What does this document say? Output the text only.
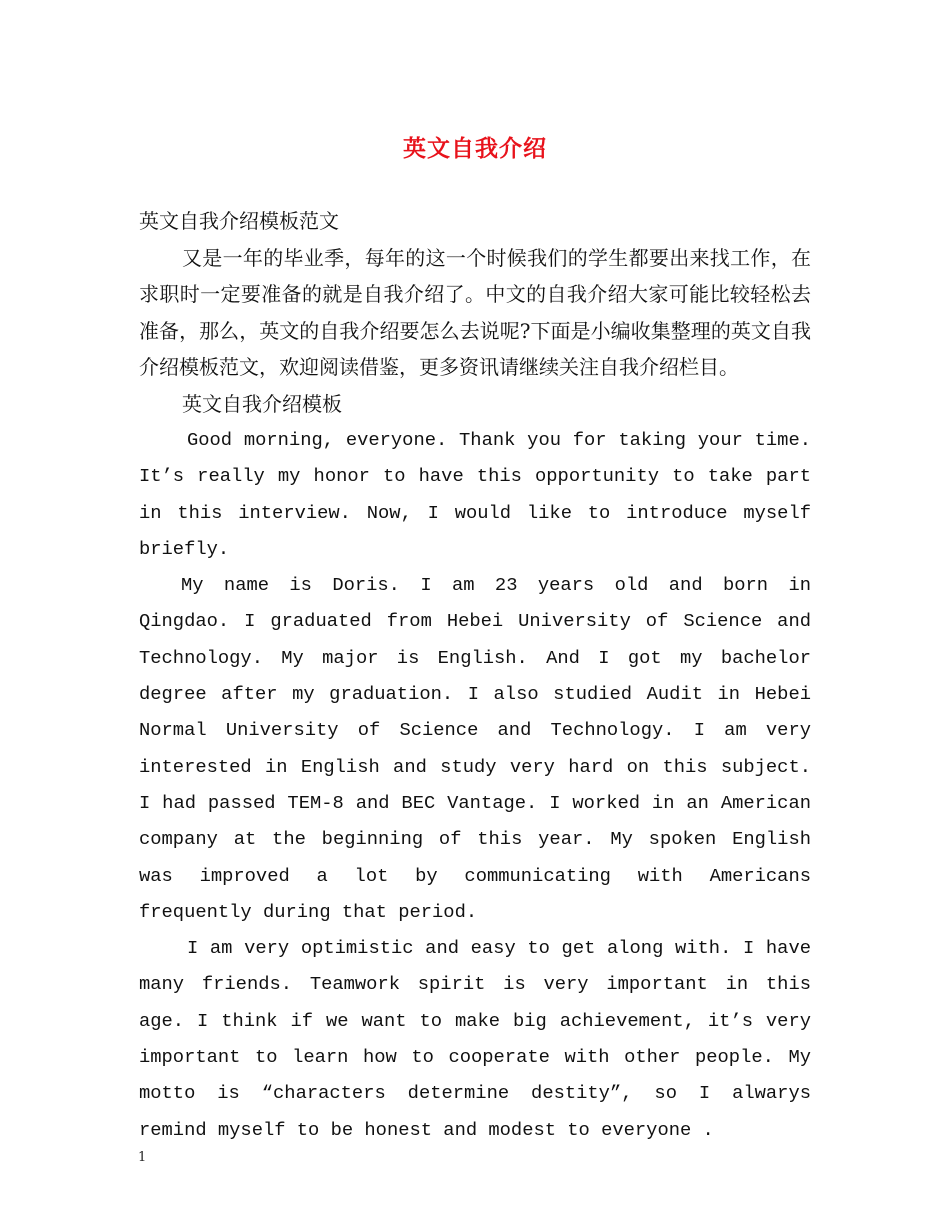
英文自我介绍

英文自我介绍模板范文

又是一年的毕业季，每年的这一个时候我们的学生都要出来找工作，在求职时一定要准备的就是自我介绍了。中文的自我介绍大家可能比较轻松去准备，那么，英文的自我介绍要怎么去说呢?下面是小编收集整理的英文自我介绍模板范文，欢迎阅读借鉴，更多资讯请继续关注自我介绍栏目。

英文自我介绍模板

Good morning, everyone. Thank you for taking your time. It’s really my honor to have this opportunity to take part in this interview. Now, I would like to introduce myself briefly.

My name is Doris. I am 23 years old and born in Qingdao. I graduated from Hebei University of Science and Technology. My major is English. And I got my bachelor degree after my graduation. I also studied Audit in Hebei Normal University of Science and Technology. I am very interested in English and study very hard on this subject. I had passed TEM-8 and BEC Vantage. I worked in an American company at the beginning of this year. My spoken English was improved a lot by communicating with Americans frequently during that period.

I am very optimistic and easy to get along with. I have many friends. Teamwork spirit is very important in this age. I think if we want to make big achievement, it’s very important to learn how to cooperate with other people. My motto is “characters determine destity”, so I alwarys remind myself to be honest and modest to everyone .

1
